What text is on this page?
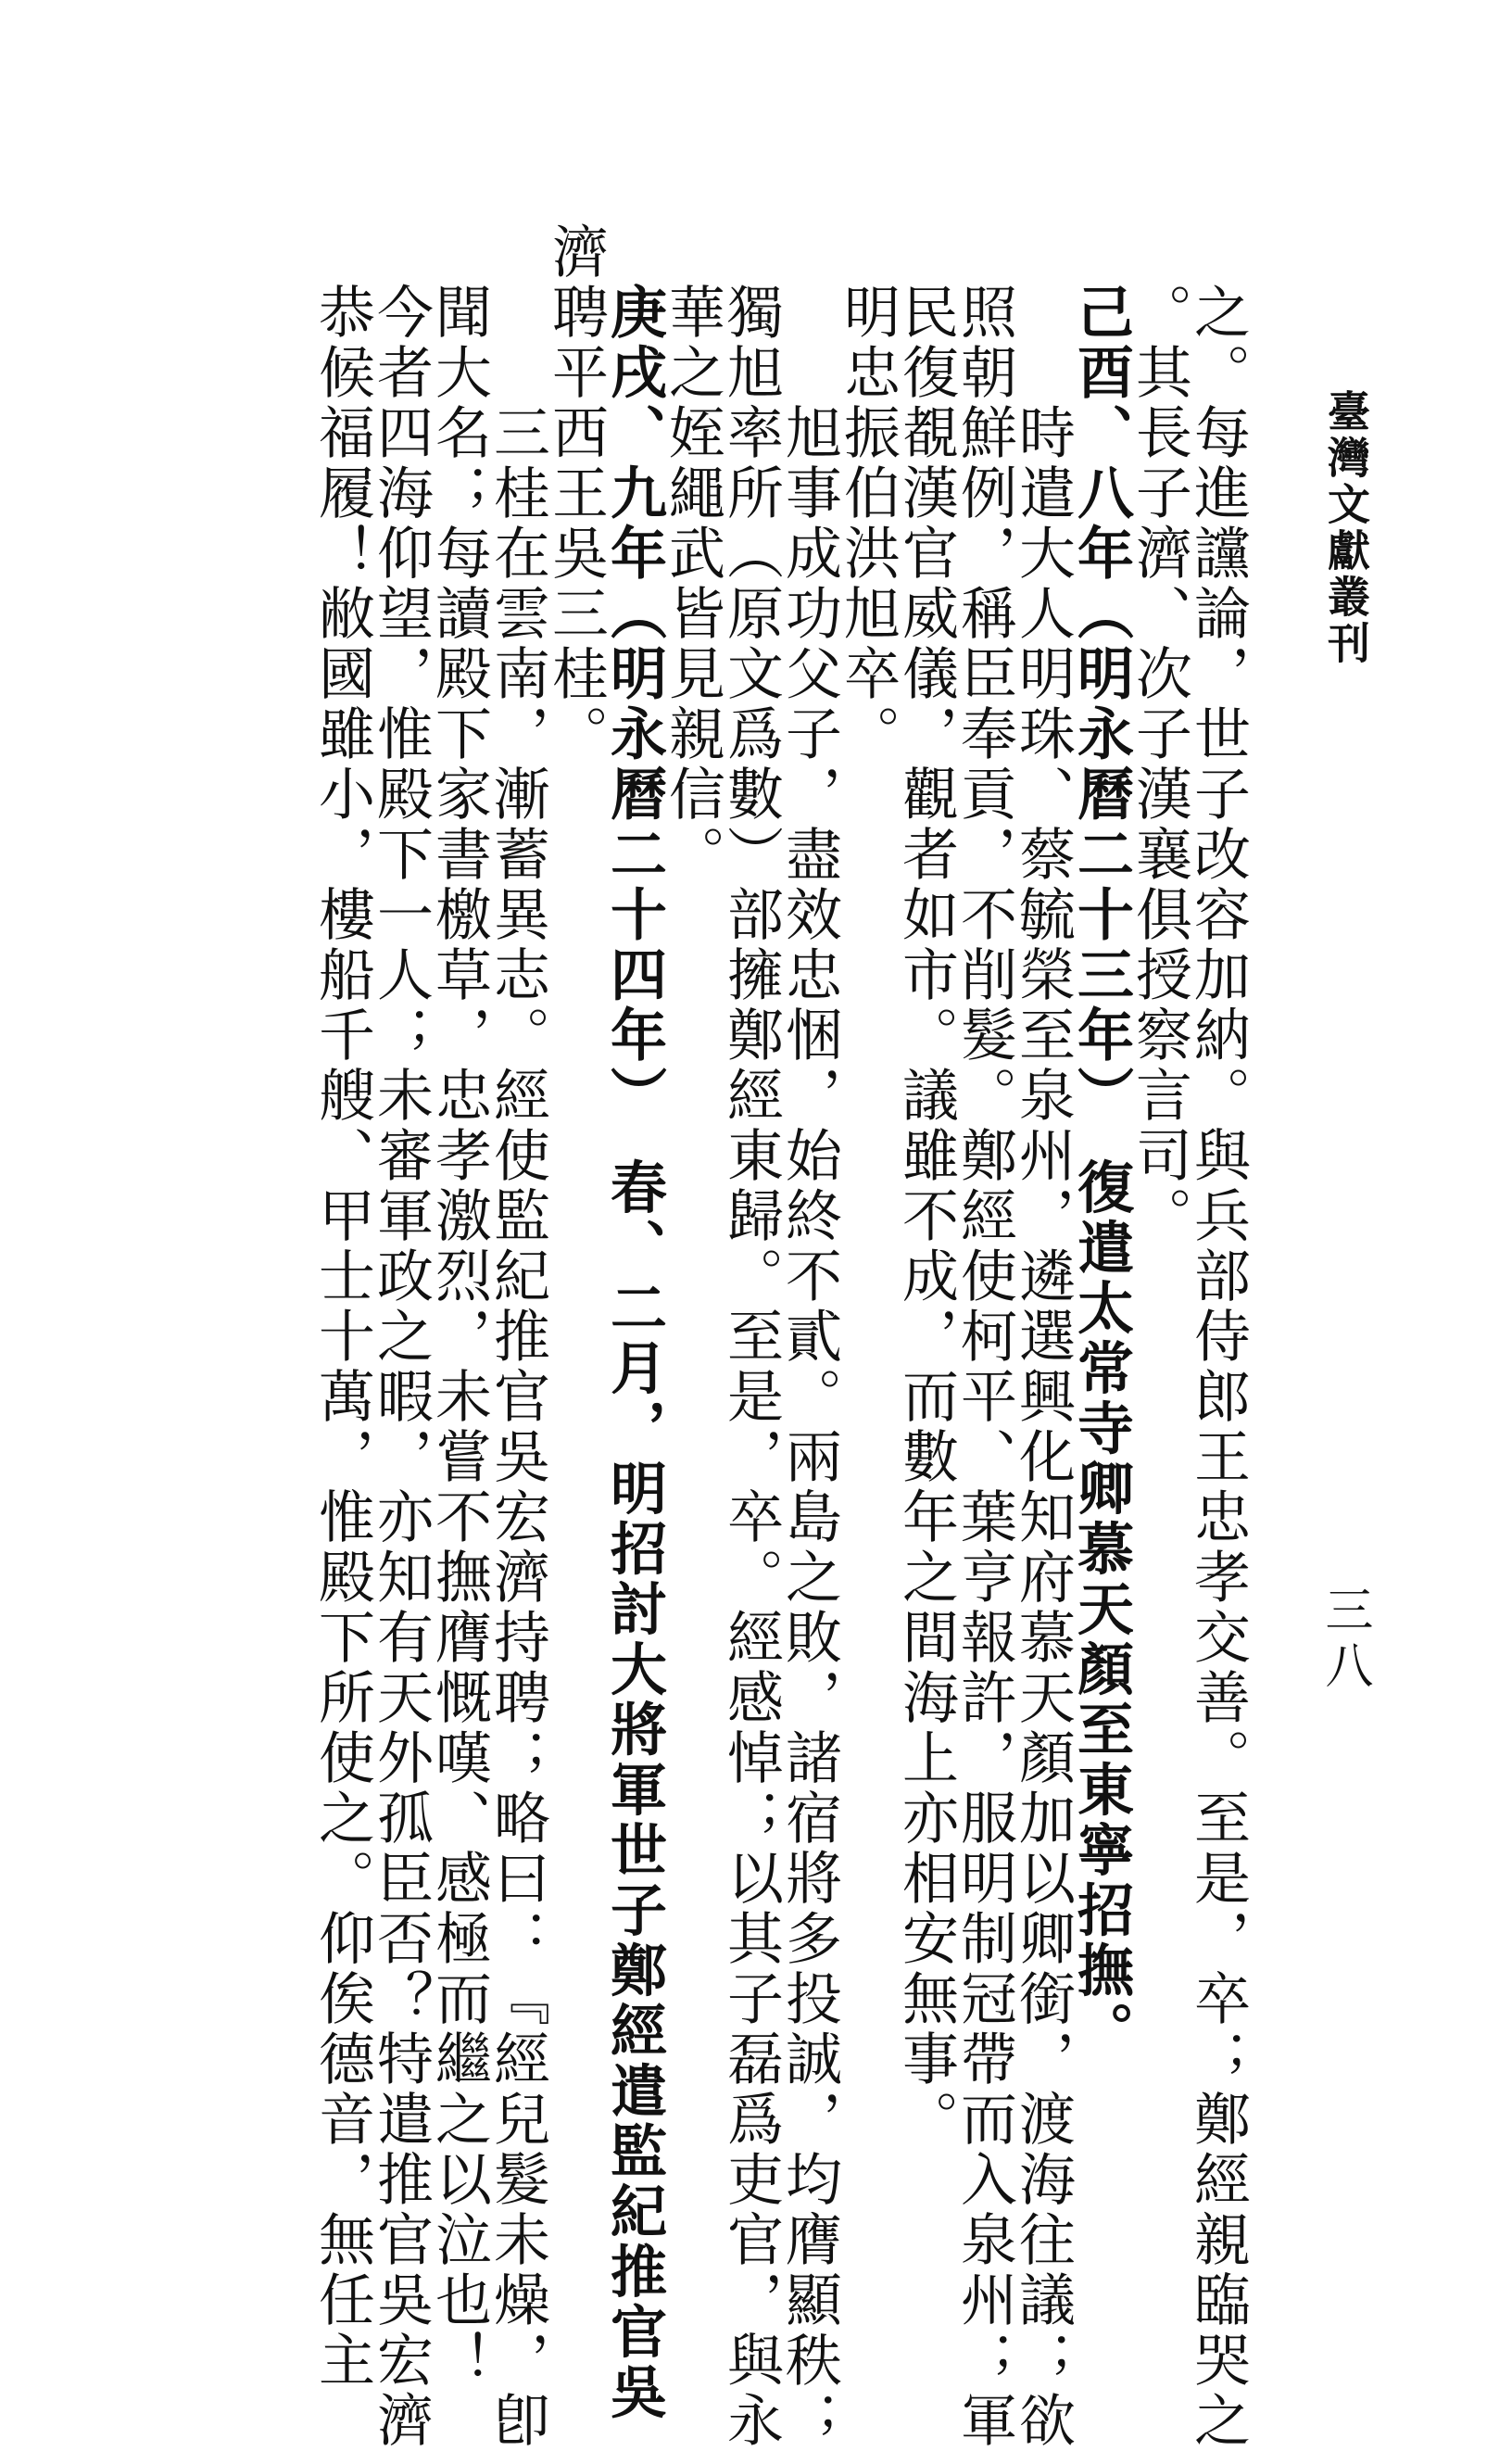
臺灣文獻叢刊
三八
之。每進讜論，世子改容加納。與兵部侍郎王忠孝交善。至是，卒；鄭經親臨哭之
。其長子濟、次子漢襄俱授察言司。
己酉、八年（明永曆二十三年）　復遣太常寺卿慕天顏至東寧招撫。
時遣大人明珠、蔡毓榮至泉州，遴選興化知府慕天顏加以卿銜，渡海往議；欲
照朝鮮例，稱臣奉貢，不削髮。鄭經使柯平、葉亨報許，服明制冠帶而入泉州；軍
民復覩漢官威儀，觀者如市。議雖不成，而數年之間海上亦相安無事。
明忠振伯洪旭卒。
旭事成功父子，盡效忠悃，始終不貳。兩島之敗，諸宿將多投誠，均膺顯秩；
獨旭率所（原文爲數）部擁鄭經東歸。至是，卒。經感悼；以其子磊爲吏官，與永
華之姪繩武皆見親信。
庚戌、九年（明永曆二十四年）　春、二月，明招討大將軍世子鄭經遣監紀推官吳
濟聘平西王吳三桂。
三桂在雲南，漸蓄異志。經使監紀推官吳宏濟持聘；略曰：『經兒髮未燥，卽
聞大名；每讀殿下家書檄草，忠孝激烈，未嘗不撫膺慨嘆、感極而繼之以泣也！
今者四海仰望，惟殿下一人；未審軍政之暇，亦知有天外孤臣否？特遣推官吳宏濟
恭候福履！敝國雖小，樓船千艘、甲士十萬，惟殿下所使之。仰俟德音，無任主
